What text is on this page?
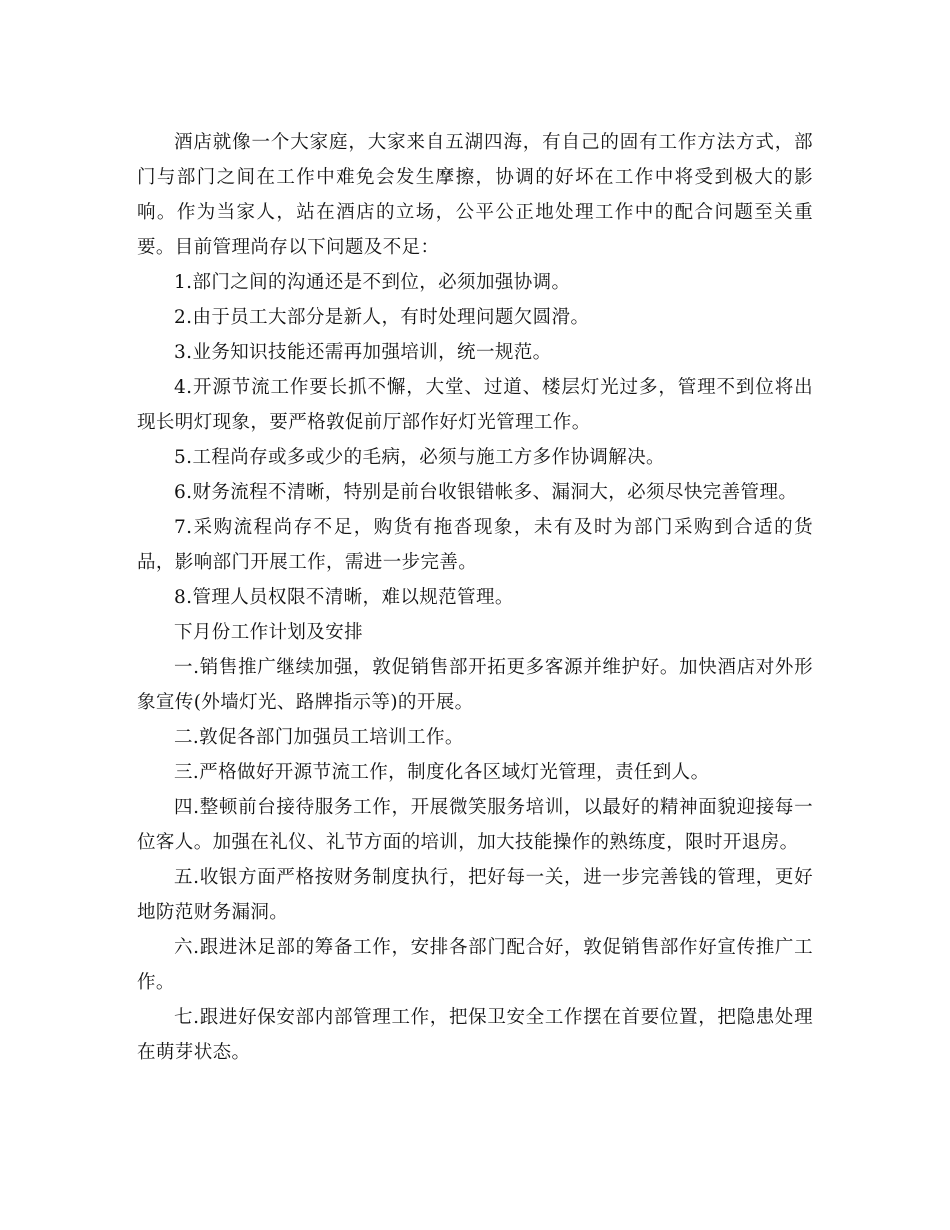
酒店就像一个大家庭，大家来自五湖四海，有自己的固有工作方法方式，部门与部门之间在工作中难免会发生摩擦，协调的好坏在工作中将受到极大的影响。作为当家人，站在酒店的立场，公平公正地处理工作中的配合问题至关重要。目前管理尚存以下问题及不足：

1.部门之间的沟通还是不到位，必须加强协调。

2.由于员工大部分是新人，有时处理问题欠圆滑。

3.业务知识技能还需再加强培训，统一规范。

4.开源节流工作要长抓不懈，大堂、过道、楼层灯光过多，管理不到位将出现长明灯现象，要严格敦促前厅部作好灯光管理工作。

5.工程尚存或多或少的毛病，必须与施工方多作协调解决。

6.财务流程不清晰，特别是前台收银错帐多、漏洞大，必须尽快完善管理。

7.采购流程尚存不足，购货有拖沓现象，未有及时为部门采购到合适的货品，影响部门开展工作，需进一步完善。

8.管理人员权限不清晰，难以规范管理。

下月份工作计划及安排

一.销售推广继续加强，敦促销售部开拓更多客源并维护好。加快酒店对外形象宣传(外墙灯光、路牌指示等)的开展。

二.敦促各部门加强员工培训工作。

三.严格做好开源节流工作，制度化各区域灯光管理，责任到人。

四.整顿前台接待服务工作，开展微笑服务培训，以最好的精神面貌迎接每一位客人。加强在礼仪、礼节方面的培训，加大技能操作的熟练度，限时开退房。

五.收银方面严格按财务制度执行，把好每一关，进一步完善钱的管理，更好地防范财务漏洞。

六.跟进沐足部的筹备工作，安排各部门配合好，敦促销售部作好宣传推广工作。

七.跟进好保安部内部管理工作，把保卫安全工作摆在首要位置，把隐患处理在萌芽状态。
